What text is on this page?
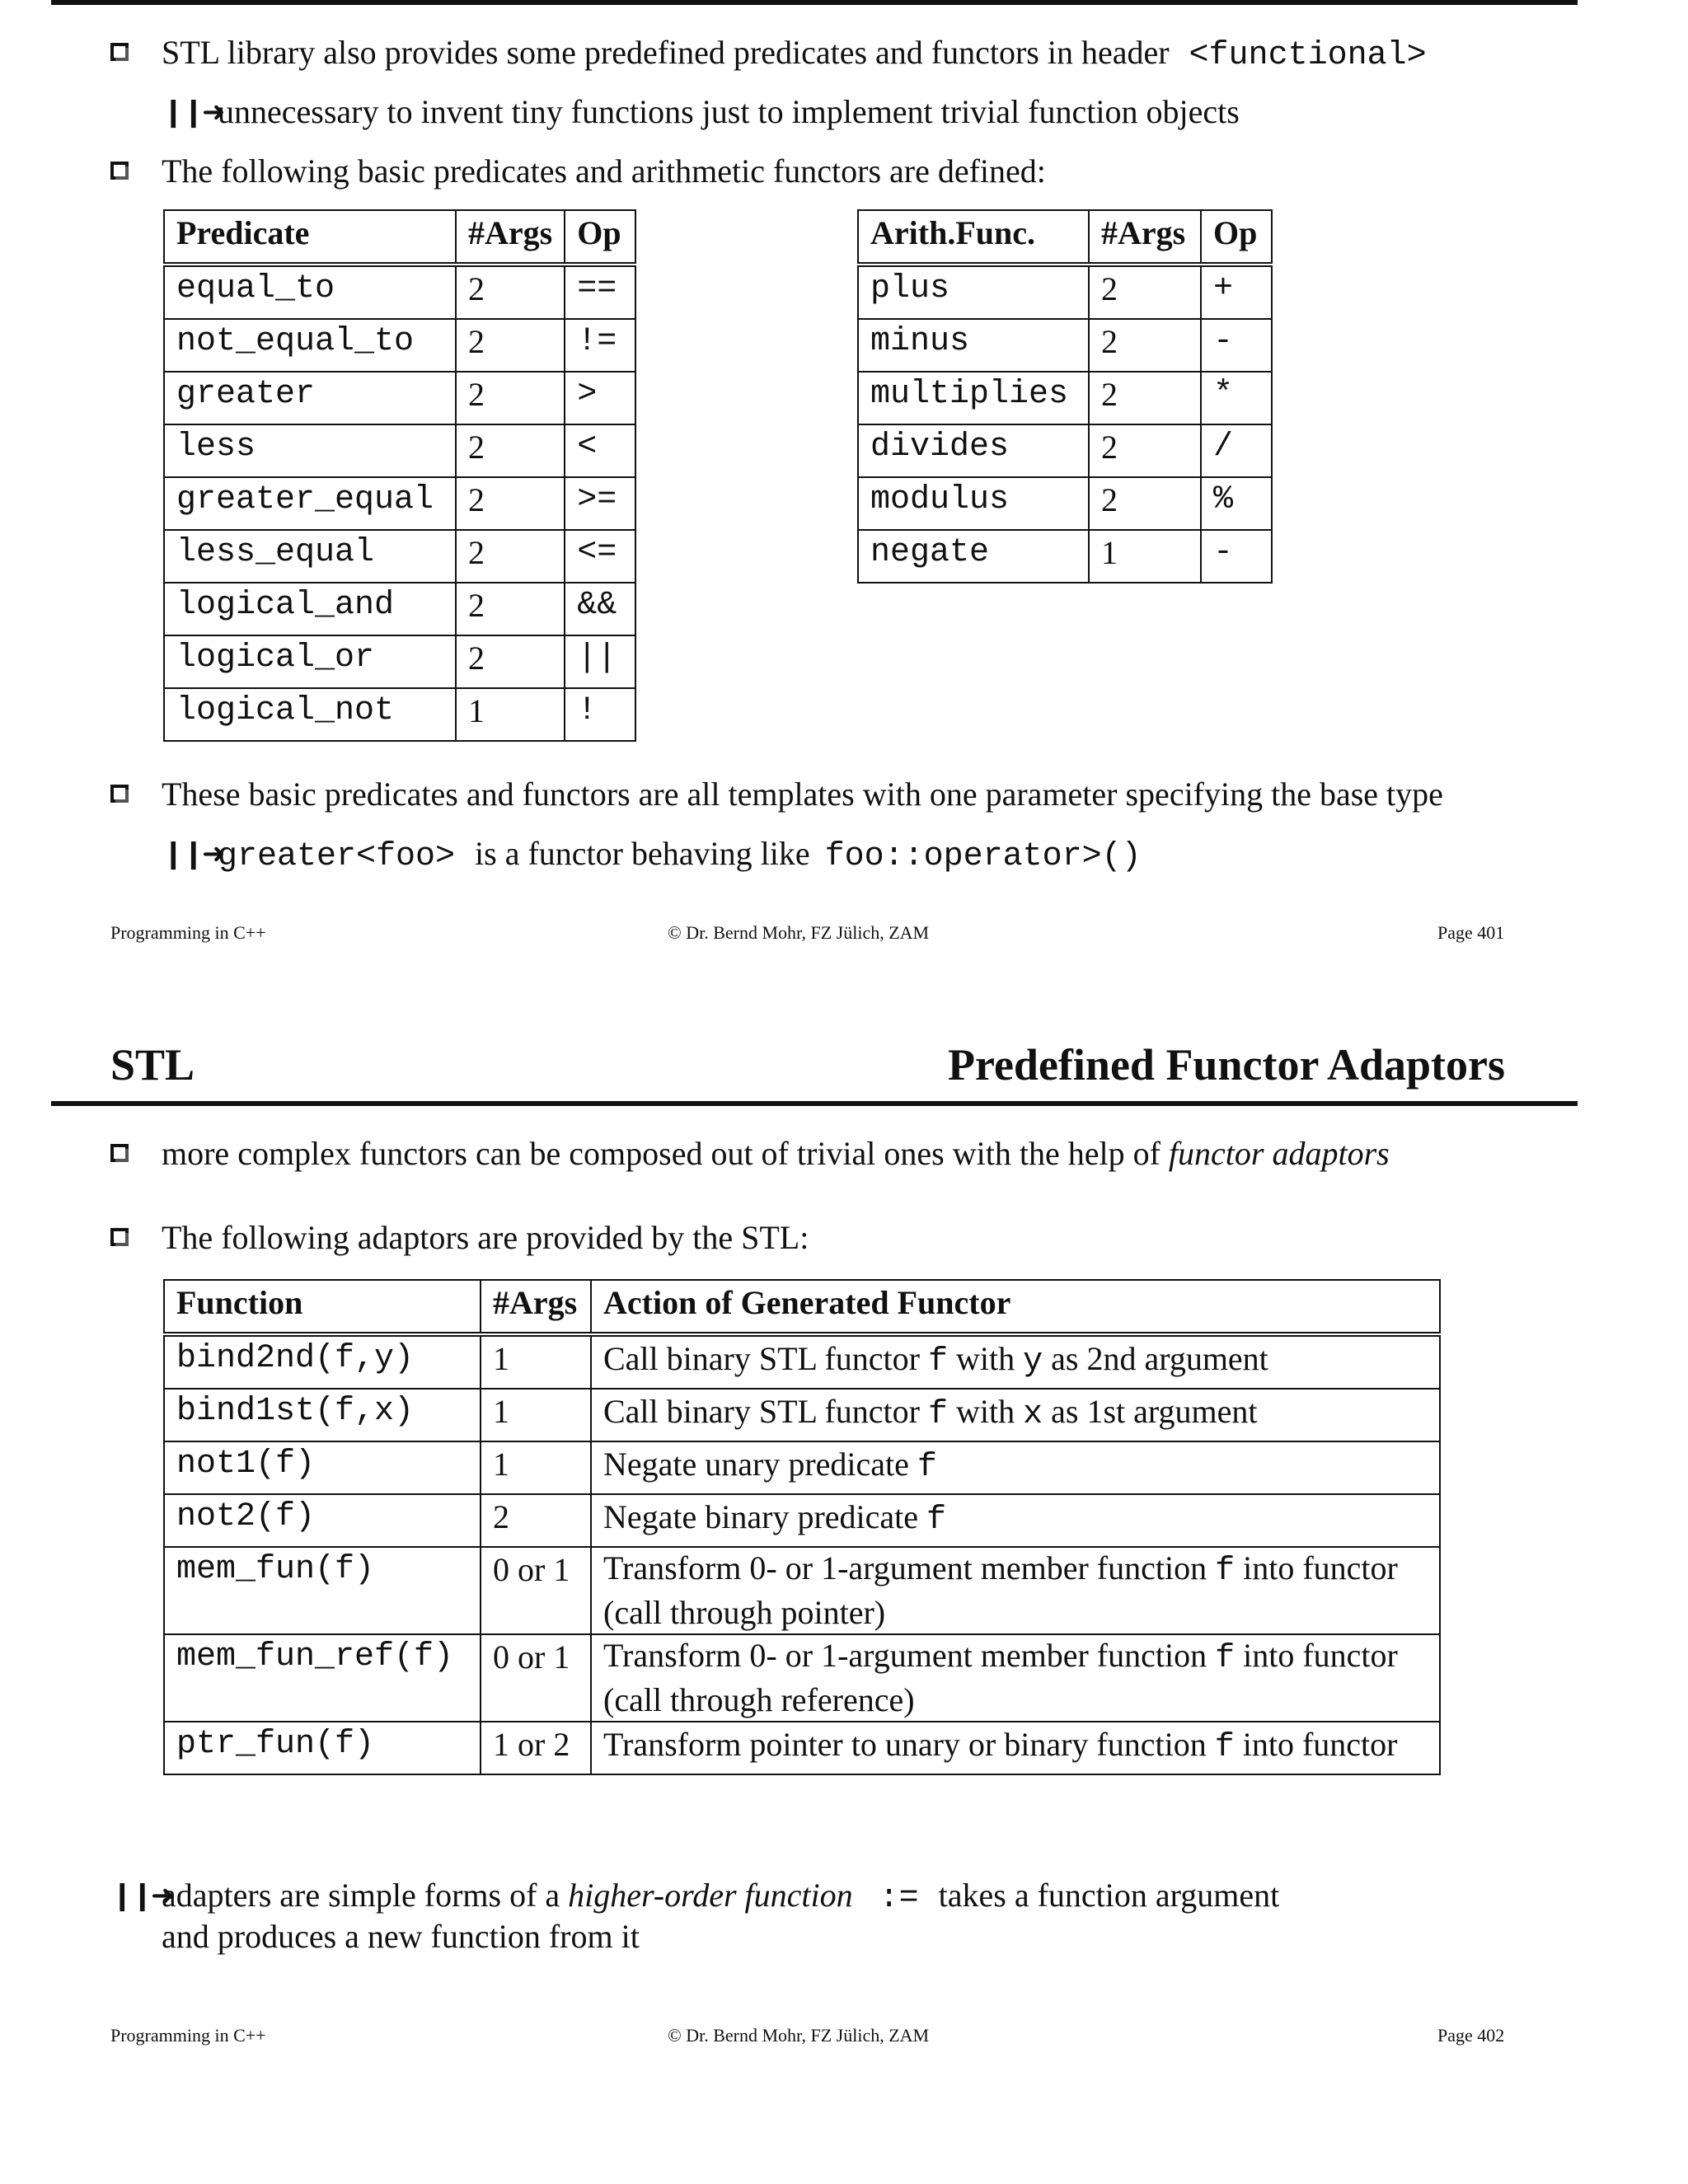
STL library also provides some predefined predicates and functors in header <functional>
❙❙➜
unnecessary to invent tiny functions just to implement trivial function objects
The following basic predicates and arithmetic functors are defined:
Predicate	#Args	Op
equal_to	2	==
not_equal_to	2	!=
greater	2	>
less	2	<
greater_equal	2	>=
less_equal	2	<=
logical_and	2	&&
logical_or	2	||
logical_not	1	!
Arith.Func.	#Args	Op
plus	2	+
minus	2	-
multiplies	2	*
divides	2	/
modulus	2	%
negate	1	-
These basic predicates and functors are all templates with one parameter specifying the base type
❙❙➜
greater<foo> is a functor behaving like foo::operator>()
Programming in C++	© Dr. Bernd Mohr, FZ Jülich, ZAM	Page 401
STL	Predefined Functor Adaptors
more complex functors can be composed out of trivial ones with the help of functor adaptors
The following adaptors are provided by the STL:
Function	#Args	Action of Generated Functor
bind2nd(f,y)	1	Call binary STL functor f with y as 2nd argument
bind1st(f,x)	1	Call binary STL functor f with x as 1st argument
not1(f)	1	Negate unary predicate f
not2(f)	2	Negate binary predicate f
mem_fun(f)	0 or 1	Transform 0- or 1-argument member function f into functor (call through pointer)
mem_fun_ref(f)	0 or 1	Transform 0- or 1-argument member function f into functor (call through reference)
ptr_fun(f)	1 or 2	Transform pointer to unary or binary function f into functor
❙❙➜
adapters are simple forms of a higher-order function := takes a function argument
and produces a new function from it
Programming in C++	© Dr. Bernd Mohr, FZ Jülich, ZAM	Page 402
